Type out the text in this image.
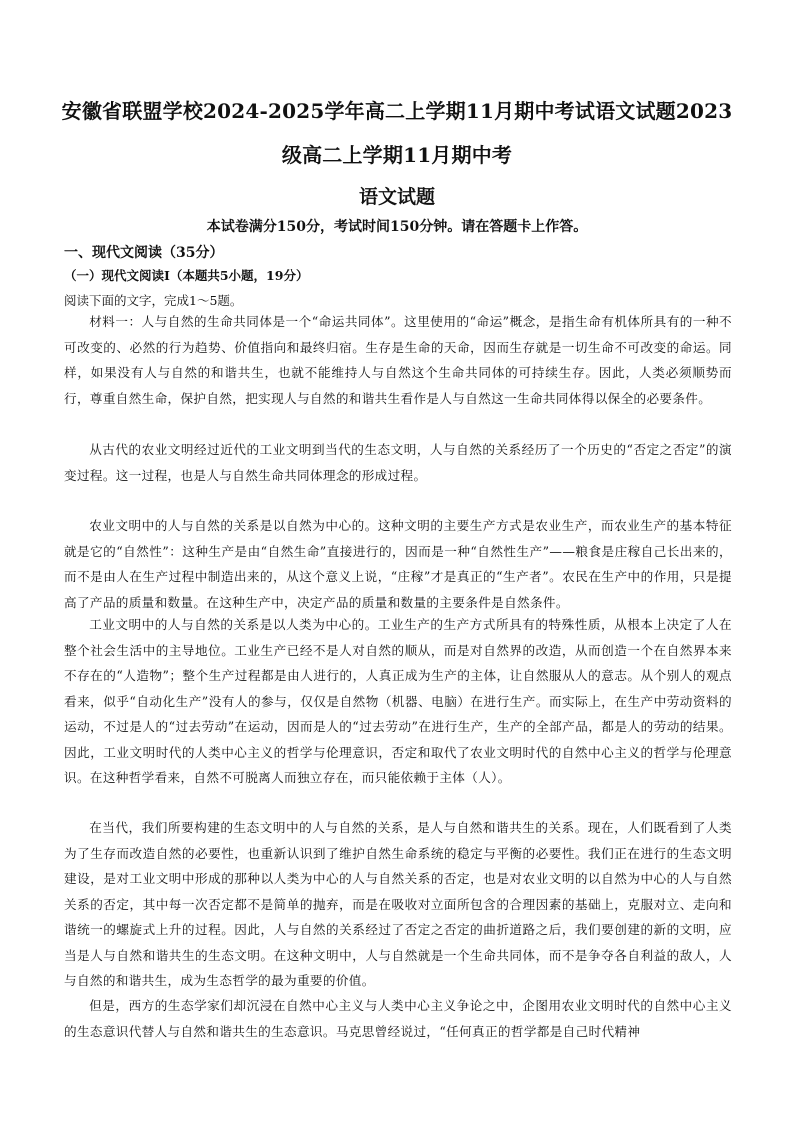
安徽省联盟学校2024-2025学年高二上学期11月期中考试语文试题2023
级高二上学期11月期中考
语文试题
本试卷满分150分，考试时间150分钟。请在答题卡上作答。
一、现代文阅读（35分）
（一）现代文阅读Ⅰ（本题共5小题，19分）
阅读下面的文字，完成1～5题。

材料一：人与自然的生命共同体是一个“命运共同体”。这里使用的“命运”概念，是指生命有机体所具有的一种不可改变的、必然的行为趋势、价值指向和最终归宿。生存是生命的天命，因而生存就是一切生命不可改变的命运。同样，如果没有人与自然的和谐共生，也就不能维持人与自然这个生命共同体的可持续生存。因此，人类必须顺势而行，尊重自然生命，保护自然，把实现人与自然的和谐共生看作是人与自然这一生命共同体得以保全的必要条件。

从古代的农业文明经过近代的工业文明到当代的生态文明，人与自然的关系经历了一个历史的“否定之否定”的演变过程。这一过程，也是人与自然生命共同体理念的形成过程。

农业文明中的人与自然的关系是以自然为中心的。这种文明的主要生产方式是农业生产，而农业生产的基本特征就是它的“自然性”：这种生产是由“自然生命”直接进行的，因而是一种“自然性生产”——粮食是庄稼自己长出来的，而不是由人在生产过程中制造出来的，从这个意义上说，“庄稼”才是真正的“生产者”。农民在生产中的作用，只是提高了产品的质量和数量。在这种生产中，决定产品的质量和数量的主要条件是自然条件。

工业文明中的人与自然的关系是以人类为中心的。工业生产的生产方式所具有的特殊性质，从根本上决定了人在整个社会生活中的主导地位。工业生产已经不是人对自然的顺从，而是对自然界的改造，从而创造一个在自然界本来不存在的“人造物”；整个生产过程都是由人进行的，人真正成为生产的主体，让自然服从人的意志。从个别人的观点看来，似乎“自动化生产”没有人的参与，仅仅是自然物（机器、电脑）在进行生产。而实际上，在生产中劳动资料的运动，不过是人的“过去劳动”在运动，因而是人的“过去劳动”在进行生产，生产的全部产品，都是人的劳动的结果。因此，工业文明时代的人类中心主义的哲学与伦理意识，否定和取代了农业文明时代的自然中心主义的哲学与伦理意识。在这种哲学看来，自然不可脱离人而独立存在，而只能依赖于主体（人）。

在当代，我们所要构建的生态文明中的人与自然的关系，是人与自然和谐共生的关系。现在，人们既看到了人类为了生存而改造自然的必要性，也重新认识到了维护自然生命系统的稳定与平衡的必要性。我们正在进行的生态文明建设，是对工业文明中形成的那种以人类为中心的人与自然关系的否定，也是对农业文明的以自然为中心的人与自然关系的否定，其中每一次否定都不是简单的抛弃，而是在吸收对立面所包含的合理因素的基础上，克服对立、走向和谐统一的螺旋式上升的过程。因此，人与自然的关系经过了否定之否定的曲折道路之后，我们要创建的新的文明，应当是人与自然和谐共生的生态文明。在这种文明中，人与自然就是一个生命共同体，而不是争夺各自利益的敌人，人与自然的和谐共生，成为生态哲学的最为重要的价值。

但是，西方的生态学家们却沉浸在自然中心主义与人类中心主义争论之中，企图用农业文明时代的自然中心主义的生态意识代替人与自然和谐共生的生态意识。马克思曾经说过，“任何真正的哲学都是自己时代精神
